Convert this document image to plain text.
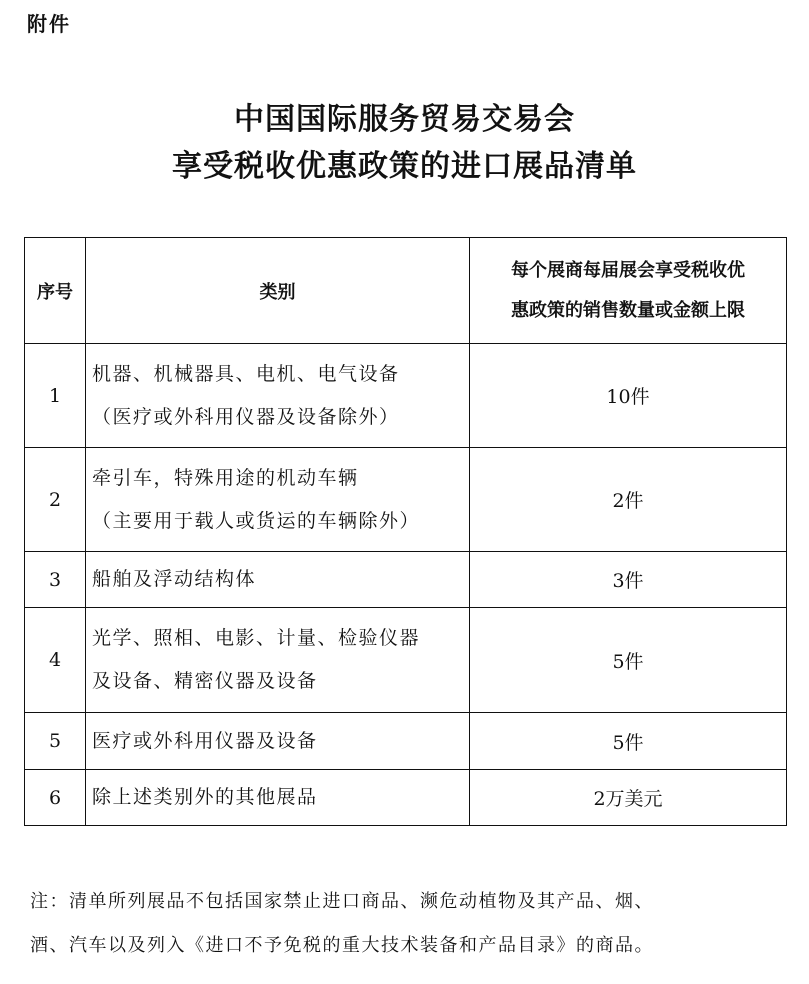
附件
中国国际服务贸易交易会
享受税收优惠政策的进口展品清单
序号	类别	每个展商每届展会享受税收优
惠政策的销售数量或金额上限

1	机器、机械器具、电机、电气设备
（医疗或外科用仪器及设备除外）	10件
2	牵引车，特殊用途的机动车辆
（主要用于载人或货运的车辆除外）	2件
3	船舶及浮动结构体	3件
4	光学、照相、电影、计量、检验仪器
及设备、精密仪器及设备	5件
5	医疗或外科用仪器及设备	5件
6	除上述类别外的其他展品	2万美元
注：清单所列展品不包括国家禁止进口商品、濒危动植物及其产品、烟、
酒、汽车以及列入《进口不予免税的重大技术装备和产品目录》的商品。
